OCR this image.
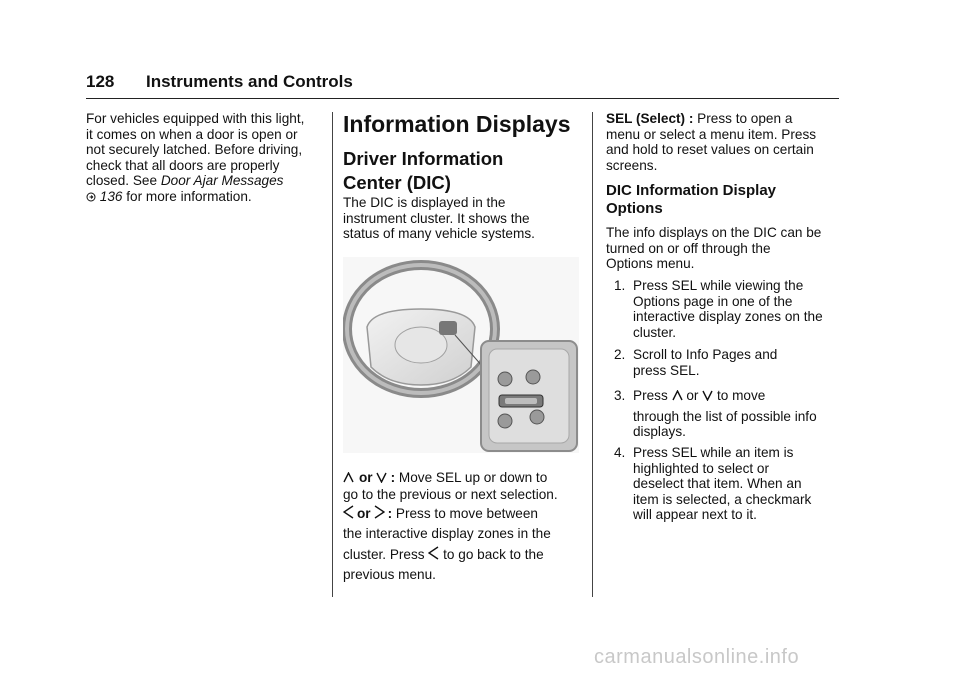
128 Instruments and Controls
For vehicles equipped with this light,
it comes on when a door is open or
not securely latched. Before driving,
check that all doors are properly
closed. See Door Ajar Messages
136 for more information.
Information Displays
Driver Information
Center (DIC)
The DIC is displayed in the
instrument cluster. It shows the
status of many vehicle systems.
or : Move SEL up or down to
go to the previous or next selection.
or : Press to move between
the interactive display zones in the
cluster. Press  to go back to the
previous menu.
SEL (Select) : Press to open a
menu or select a menu item. Press
and hold to reset values on certain
screens.
DIC Information Display
Options
The info displays on the DIC can be
turned on or off through the
Options menu.
1. Press SEL while viewing the
Options page in one of the
interactive display zones on the
cluster.
2. Scroll to Info Pages and
press SEL.
3. Press or to move
through the list of possible info
displays.
4. Press SEL while an item is
highlighted to select or
deselect that item. When an
item is selected, a checkmark
will appear next to it.
carmanualsonline.info
